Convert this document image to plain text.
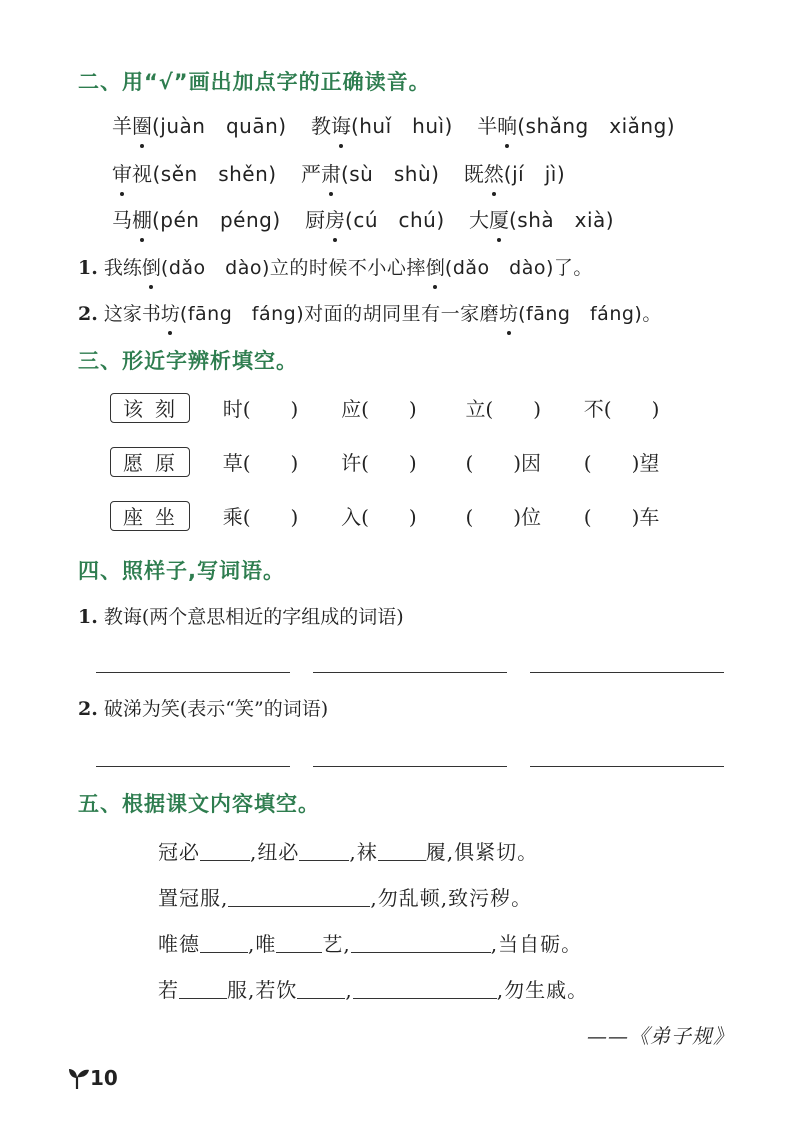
二、用“√”画出加点字的正确读音。
羊圈(juàn　quān) 教诲(huǐ　huì) 半晌(shǎng　xiǎng)
审视(sěn　shěn) 严肃(sù　shù) 既然(jí　jì)
马棚(pén　péng) 厨房(cú　chú) 大厦(shà　xià)
1. 我练倒(dǎo　dào)立的时候不小心摔倒(dǎo　dào)了。
2. 这家书坊(fāng　fáng)对面的胡同里有一家磨坊(fāng　fáng)。
三、形近字辨析填空。
该刻 时(　　) 应(　　) 立(　　) 不(　　)
愿原 草(　　) 许(　　) (　　)因 (　　)望
座坐 乘(　　) 入(　　) (　　)位 (　　)车
四、照样子,写词语。
1. 教诲(两个意思相近的字组成的词语)
2. 破涕为笑(表示“笑”的词语)
五、根据课文内容填空。
冠必	,纽必	,袜 履,俱紧切。
置冠服,	,勿乱顿,致污秽。
唯德 ,唯 艺,	,当自砺。
若 服,若饮 ,	,勿生戚。
——《弟子规》
10
